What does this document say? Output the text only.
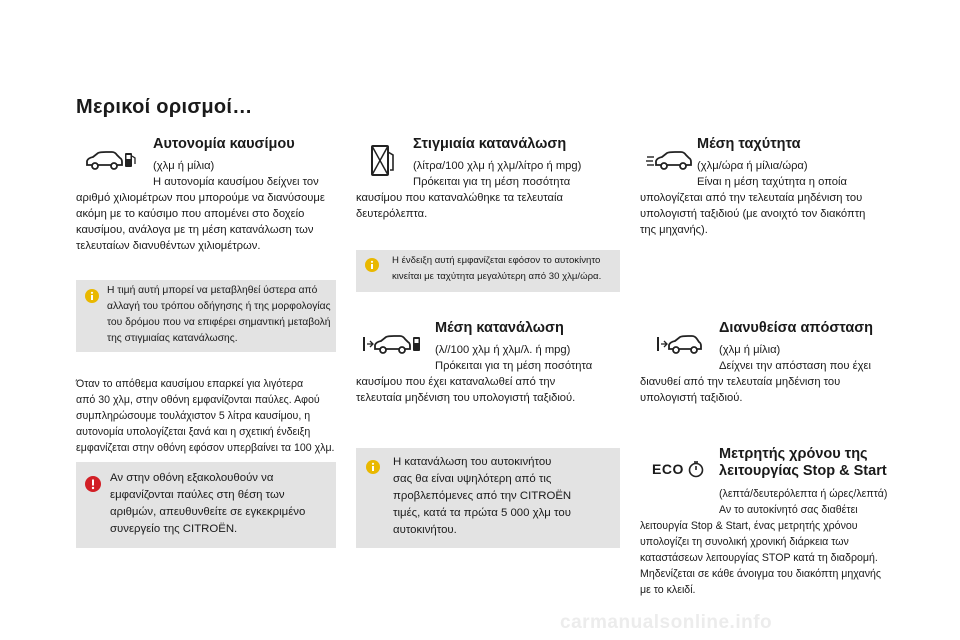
Μερικοί ορισμοί…
Αυτονομία καυσίμου
(χλμ ή μίλια)
Η αυτονομία καυσίμου δείχνει τον
αριθμό χιλιομέτρων που μπορούμε να διανύσουμε
ακόμη με το καύσιμο που απομένει στο δοχείο
καυσίμου, ανάλογα με τη μέση κατανάλωση των
τελευταίων διανυθέντων χιλιομέτρων.
Η τιμή αυτή μπορεί να μεταβληθεί ύστερα από
αλλαγή του τρόπου οδήγησης ή της μορφολογίας
του δρόμου που να επιφέρει σημαντική μεταβολή
της στιγμιαίας κατανάλωσης.
Όταν το απόθεμα καυσίμου επαρκεί για λιγότερα
από 30 χλμ, στην οθόνη εμφανίζονται παύλες. Αφού
συμπληρώσουμε τουλάχιστον 5 λίτρα καυσίμου, η
αυτονομία υπολογίζεται ξανά και η σχετική ένδειξη
εμφανίζεται στην οθόνη εφόσον υπερβαίνει τα 100 χλμ.
Αν στην οθόνη εξακολουθούν να
εμφανίζονται παύλες στη θέση των
αριθμών, απευθυνθείτε σε εγκεκριμένο
συνεργείο της CITROËN.
Στιγμιαία κατανάλωση
(λίτρα/100 χλμ ή χλμ/λίτρο ή mpg)
Πρόκειται για τη μέση ποσότητα
καυσίμου που καταναλώθηκε τα τελευταία
δευτερόλεπτα.
Η ένδειξη αυτή εμφανίζεται εφόσον το αυτοκίνητο
κινείται με ταχύτητα μεγαλύτερη από 30 χλμ/ώρα.
Μέση κατανάλωση
(λ//100 χλμ ή χλμ/λ. ή mpg)
Πρόκειται για τη μέση ποσότητα
καυσίμου που έχει καταναλωθεί από την
τελευταία μηδένιση του υπολογιστή ταξιδιού.
Η κατανάλωση του αυτοκινήτου
σας θα είναι υψηλότερη από τις
προβλεπόμενες από την CITROËN
τιμές, κατά τα πρώτα 5 000 χλμ του
αυτοκινήτου.
Μέση ταχύτητα
(χλμ/ώρα ή μίλια/ώρα)
Είναι η μέση ταχύτητα η οποία
υπολογίζεται από την τελευταία μηδένιση του
υπολογιστή ταξιδιού (με ανοιχτό τον διακόπτη
της μηχανής).
Διανυθείσα απόσταση
(χλμ ή μίλια)
Δείχνει την απόσταση που έχει
διανυθεί από την τελευταία μηδένιση του
υπολογιστή ταξιδιού.
ECO
Μετρητής χρόνου της
λειτουργίας Stop & Start
(λεπτά/δευτερόλεπτα ή ώρες/λεπτά)
Αν το αυτοκίνητό σας διαθέτει
λειτουργία Stop & Start, ένας μετρητής χρόνου
υπολογίζει τη συνολική χρονική διάρκεια των
καταστάσεων λειτουργίας STOP κατά τη διαδρομή.
Μηδενίζεται σε κάθε άνοιγμα του διακόπτη μηχανής
με το κλειδί.
carmanualsonline.info
